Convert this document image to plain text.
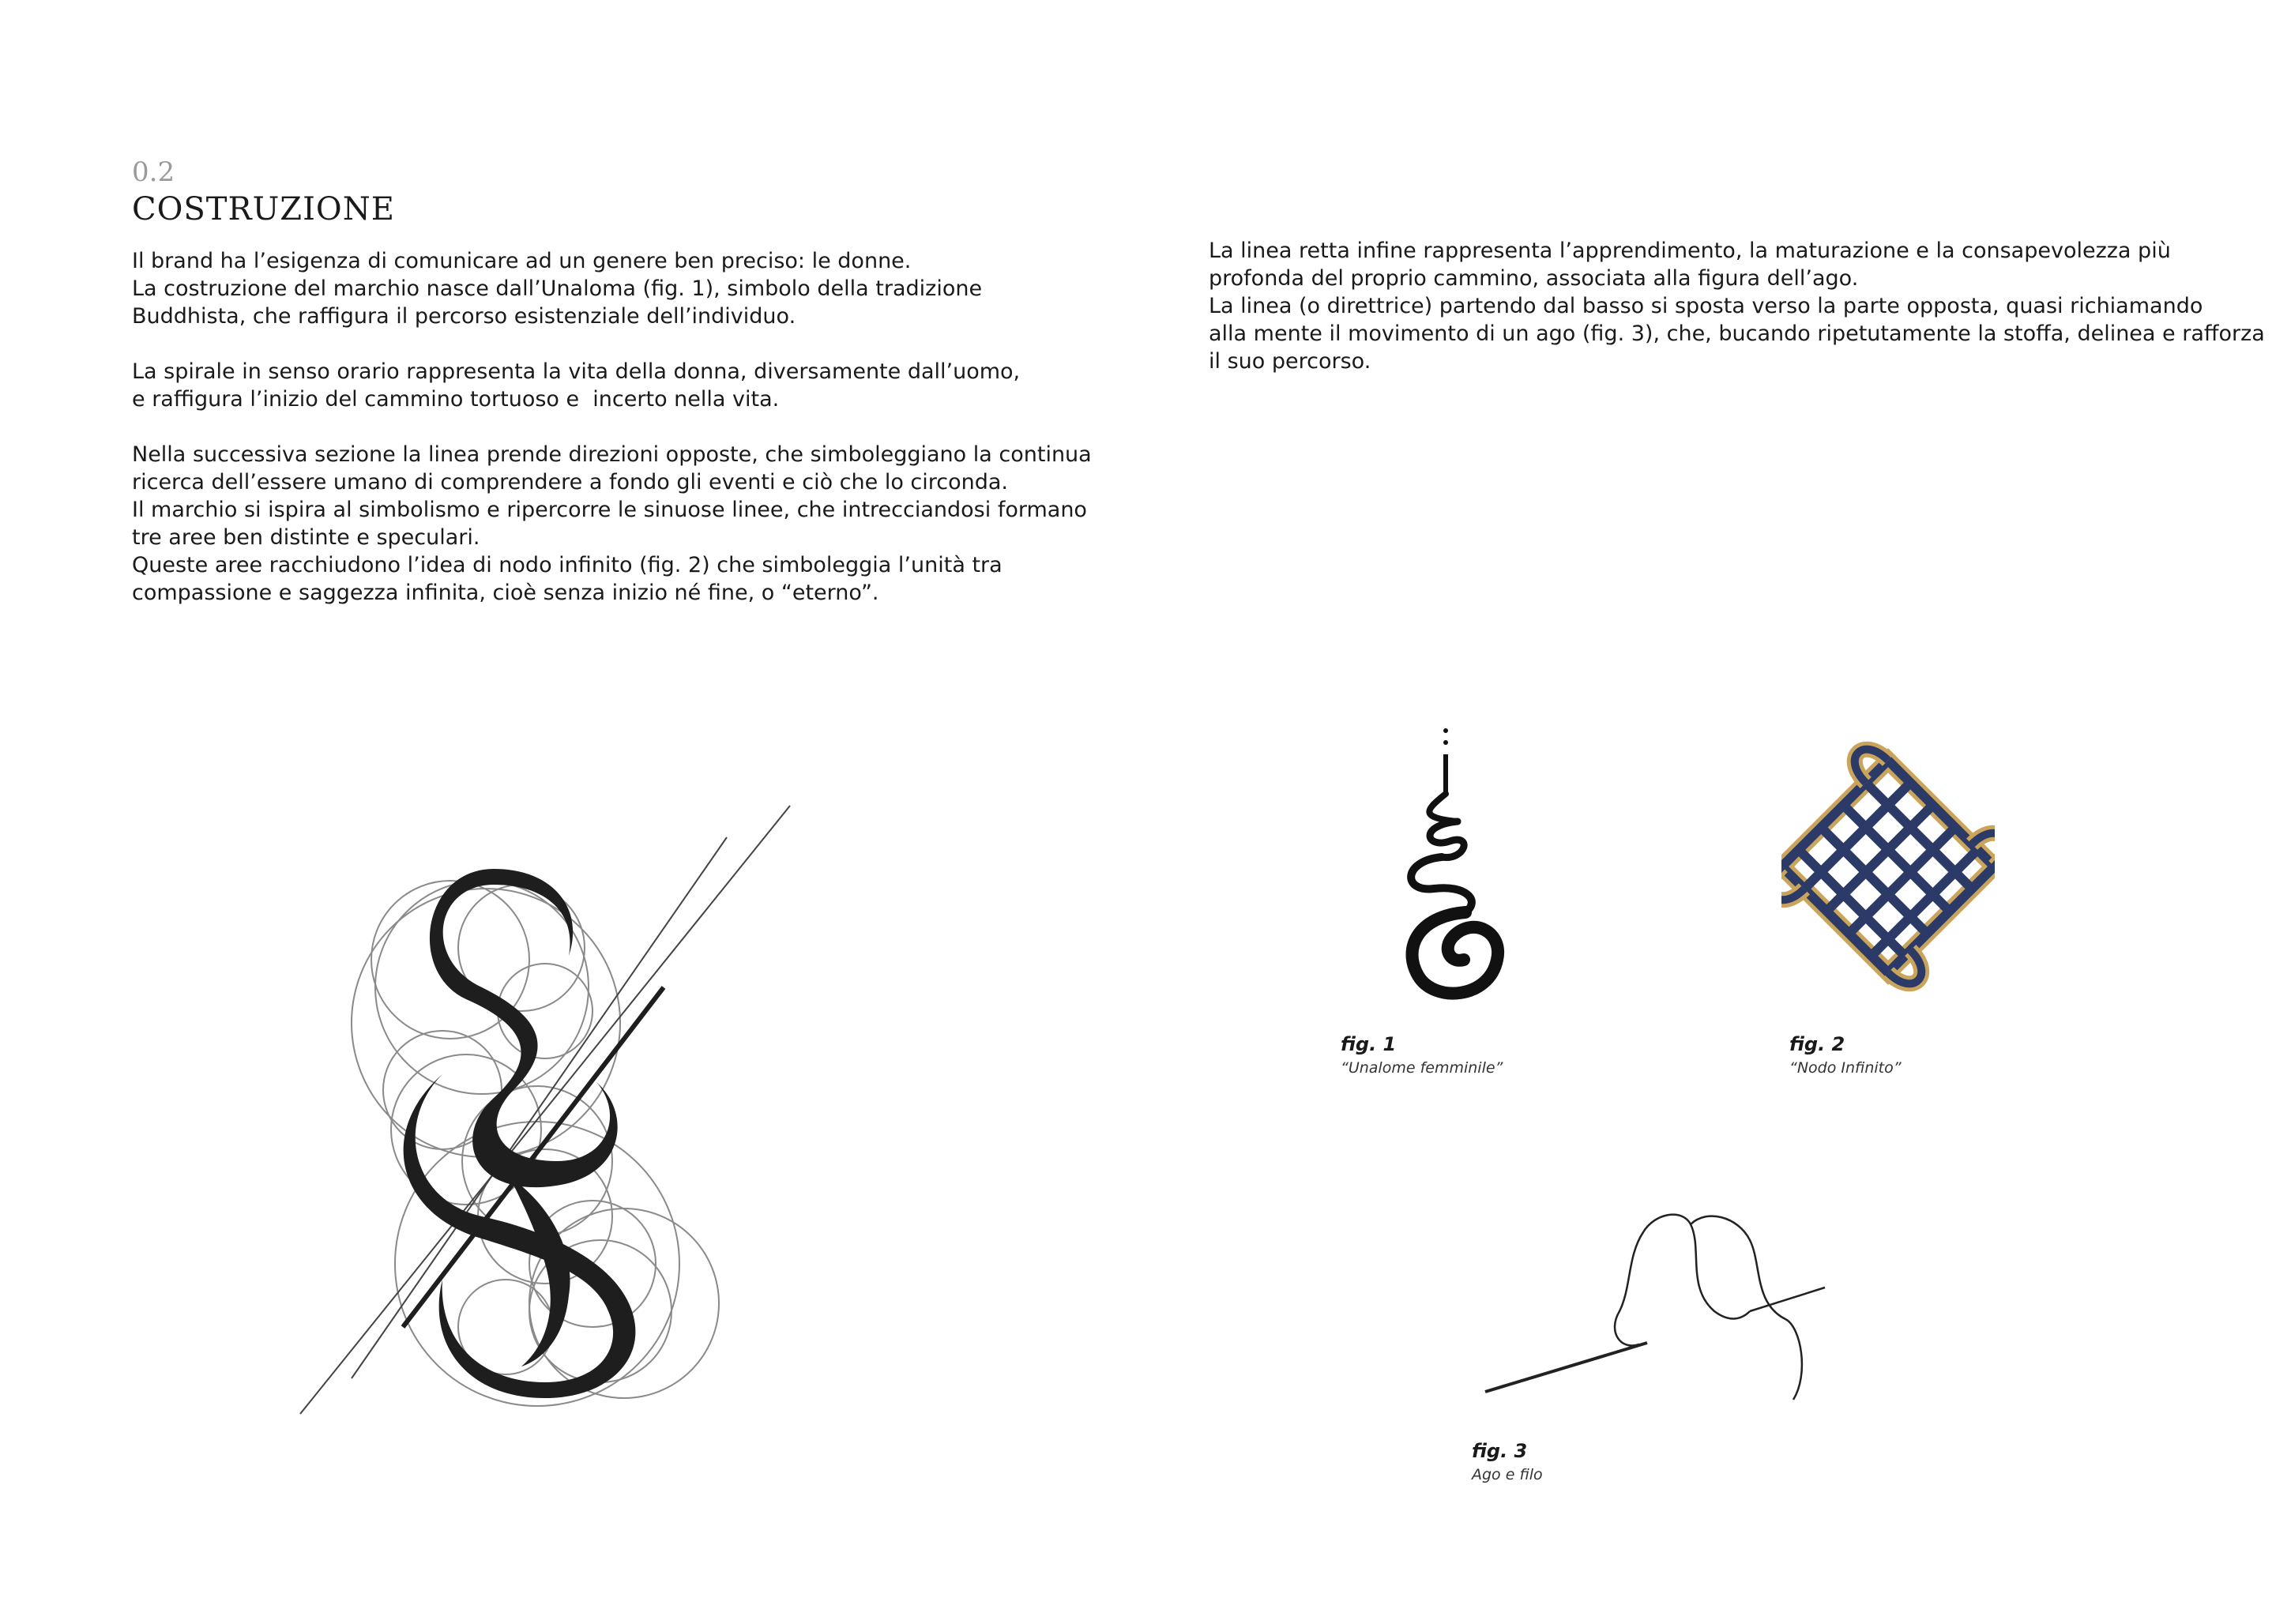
0.2
COSTRUZIONE

Il brand ha l’esigenza di comunicare ad un genere ben preciso: le donne.
La costruzione del marchio nasce dall’Unaloma (fig. 1), simbolo della tradizione
Buddhista, che raffigura il percorso esistenziale dell’individuo.

La spirale in senso orario rappresenta la vita della donna, diversamente dall’uomo,
e raffigura l’inizio del cammino tortuoso e  incerto nella vita.

Nella successiva sezione la linea prende direzioni opposte, che simboleggiano la continua
ricerca dell’essere umano di comprendere a fondo gli eventi e ciò che lo circonda.
Il marchio si ispira al simbolismo e ripercorre le sinuose linee, che intrecciandosi formano
tre aree ben distinte e speculari.
Queste aree racchiudono l’idea di nodo infinito (fig. 2) che simboleggia l’unità tra
compassione e saggezza infinita, cioè senza inizio né fine, o “eterno”.

La linea retta infine rappresenta l’apprendimento, la maturazione e la consapevolezza più
profonda del proprio cammino, associata alla figura dell’ago.
La linea (o direttrice) partendo dal basso si sposta verso la parte opposta, quasi richiamando
alla mente il movimento di un ago (fig. 3), che, bucando ripetutamente la stoffa, delinea e rafforza
il suo percorso.

fig. 1
“Unalome femminile”
fig. 2
“Nodo Infinito”
fig. 3
Ago e filo
